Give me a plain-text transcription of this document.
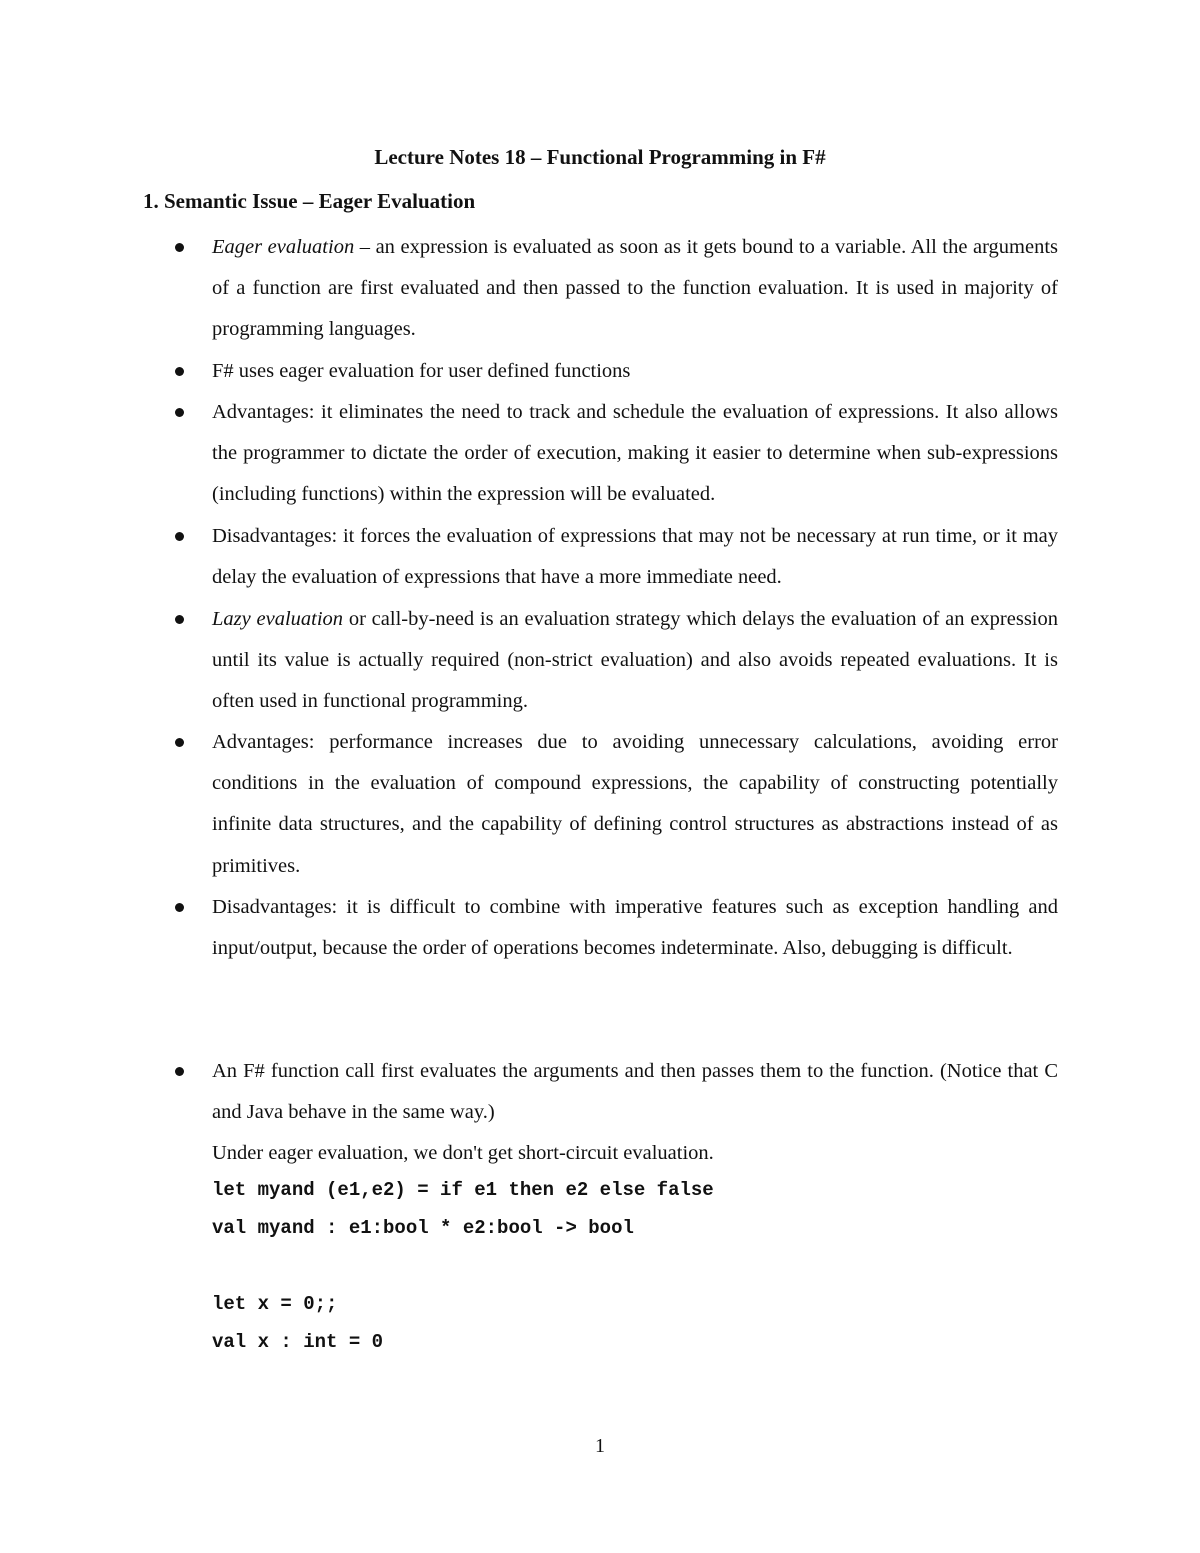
Lecture Notes 18 – Functional Programming in F#
1. Semantic Issue – Eager Evaluation
Eager evaluation – an expression is evaluated as soon as it gets bound to a variable. All the arguments of a function are first evaluated and then passed to the function evaluation. It is used in majority of programming languages.
F# uses eager evaluation for user defined functions
Advantages: it eliminates the need to track and schedule the evaluation of expressions. It also allows the programmer to dictate the order of execution, making it easier to determine when sub-expressions (including functions) within the expression will be evaluated.
Disadvantages: it forces the evaluation of expressions that may not be necessary at run time, or it may delay the evaluation of expressions that have a more immediate need.
Lazy evaluation or call-by-need is an evaluation strategy which delays the evaluation of an expression until its value is actually required (non-strict evaluation) and also avoids repeated evaluations. It is often used in functional programming.
Advantages: performance increases due to avoiding unnecessary calculations, avoiding error conditions in the evaluation of compound expressions, the capability of constructing potentially infinite data structures, and the capability of defining control structures as abstractions instead of as primitives.
Disadvantages: it is difficult to combine with imperative features such as exception handling and input/output, because the order of operations becomes indeterminate. Also, debugging is difficult.
An F# function call first evaluates the arguments and then passes them to the function. (Notice that C and Java behave in the same way.)
Under eager evaluation, we don't get short-circuit evaluation.
let myand (e1,e2) = if e1 then e2 else false
val myand : e1:bool * e2:bool -> bool
let x = 0;;
val x : int = 0
1
